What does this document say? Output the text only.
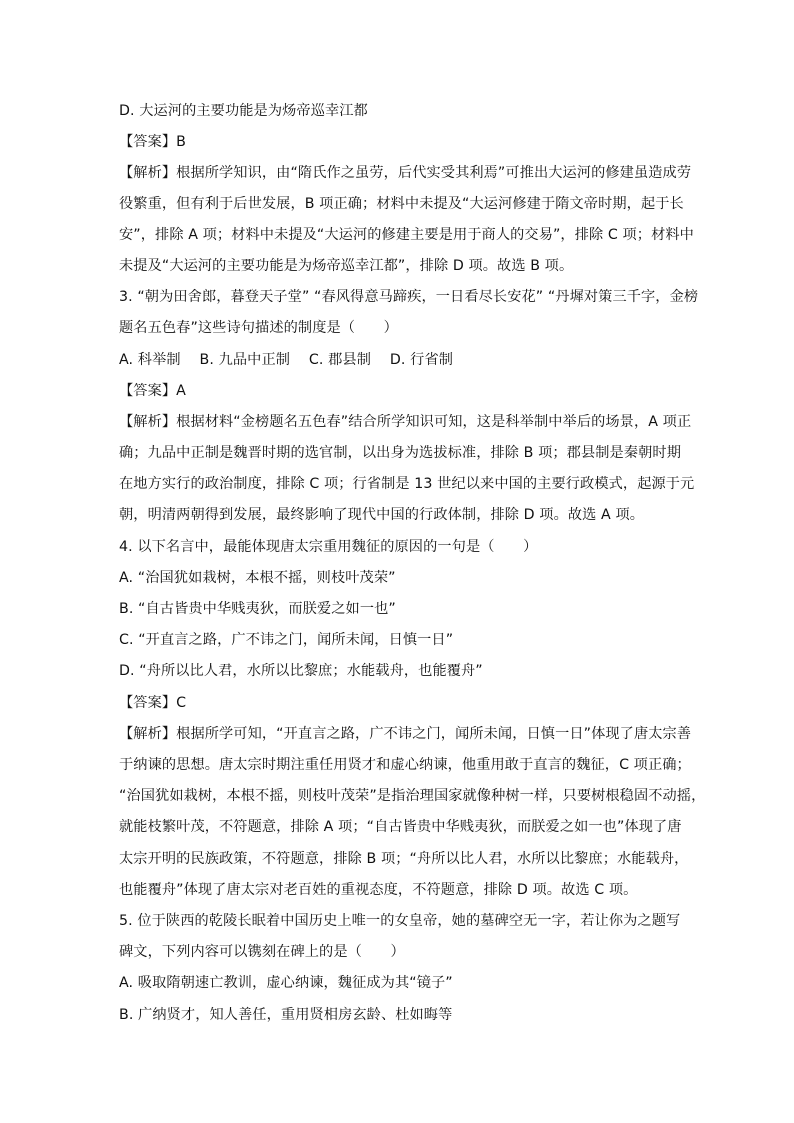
D. 大运河的主要功能是为炀帝巡幸江都
【答案】B
【解析】根据所学知识，由“隋氏作之虽劳，后代实受其利焉”可推出大运河的修建虽造成劳
役繁重，但有利于后世发展，B 项正确；材料中未提及“大运河修建于隋文帝时期，起于长
安”，排除 A 项；材料中未提及“大运河的修建主要是用于商人的交易”，排除 C 项；材料中
未提及“大运河的主要功能是为炀帝巡幸江都”，排除 D 项。故选 B 项。
3. “朝为田舍郎，暮登天子堂” “春风得意马蹄疾，一日看尽长安花” “丹墀对策三千字，金榜
题名五色春”这些诗句描述的制度是（　　）
A. 科举制　 B. 九品中正制　 C. 郡县制　 D. 行省制
【答案】A
【解析】根据材料“金榜题名五色春”结合所学知识可知，这是科举制中举后的场景，A 项正
确；九品中正制是魏晋时期的选官制，以出身为选拔标准，排除 B 项；郡县制是秦朝时期
在地方实行的政治制度，排除 C 项；行省制是 13 世纪以来中国的主要行政模式，起源于元
朝，明清两朝得到发展，最终影响了现代中国的行政体制，排除 D 项。故选 A 项。
4. 以下名言中，最能体现唐太宗重用魏征的原因的一句是（　　）
A. “治国犹如栽树，本根不摇，则枝叶茂荣”
B. “自古皆贵中华贱夷狄，而朕爱之如一也”
C. “开直言之路，广不讳之门，闻所未闻，日慎一日”
D. “舟所以比人君，水所以比黎庶；水能载舟，也能覆舟”
【答案】C
【解析】根据所学可知，“开直言之路，广不讳之门，闻所未闻，日慎一日”体现了唐太宗善
于纳谏的思想。唐太宗时期注重任用贤才和虚心纳谏，他重用敢于直言的魏征，C 项正确；
“治国犹如栽树，本根不摇，则枝叶茂荣”是指治理国家就像种树一样，只要树根稳固不动摇，
就能枝繁叶茂，不符题意，排除 A 项；“自古皆贵中华贱夷狄，而朕爱之如一也”体现了唐
太宗开明的民族政策，不符题意，排除 B 项；“舟所以比人君，水所以比黎庶；水能载舟，
也能覆舟”体现了唐太宗对老百姓的重视态度，不符题意，排除 D 项。故选 C 项。
5. 位于陕西的乾陵长眠着中国历史上唯一的女皇帝，她的墓碑空无一字，若让你为之题写
碑文，下列内容可以镌刻在碑上的是（　　）
A. 吸取隋朝速亡教训，虚心纳谏，魏征成为其“镜子”
B. 广纳贤才，知人善任，重用贤相房玄龄、杜如晦等
